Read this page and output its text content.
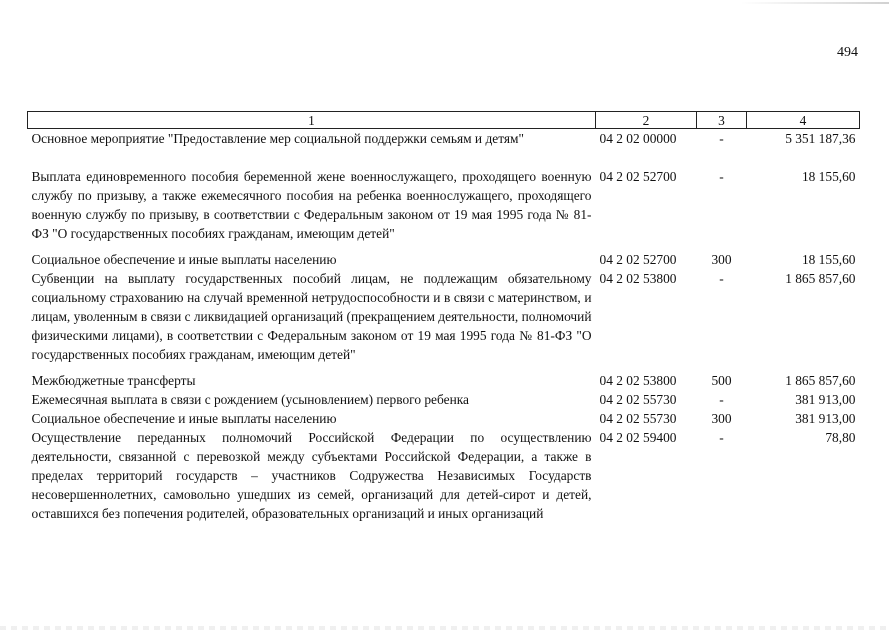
494
1	2	3	4
Основное мероприятие "Предоставление мер социальной поддержки семьям и детям"	04 2 02 00000	-	5 351 187,36
Выплата единовременного пособия беременной жене военнослужащего, проходящего военную службу по призыву, а также ежемесячного пособия на ребенка военнослужащего, проходящего военную службу по призыву, в соответствии с Федеральным законом от 19 мая 1995 года № 81-ФЗ "О государственных пособиях гражданам, имеющим детей"	04 2 02 52700	-	18 155,60
Социальное обеспечение и иные выплаты населению	04 2 02 52700	300	18 155,60
Субвенции на выплату государственных пособий лицам, не подлежащим обязательному социальному страхованию на случай временной нетрудоспособности и в связи с материнством, и лицам, уволенным в связи с ликвидацией организаций (прекращением деятельности, полномочий физическими лицами), в соответствии с Федеральным законом от 19 мая 1995 года № 81-ФЗ "О государственных пособиях гражданам, имеющим детей"	04 2 02 53800	-	1 865 857,60
Межбюджетные трансферты	04 2 02 53800	500	1 865 857,60
Ежемесячная выплата в связи с рождением (усыновлением) первого ребенка	04 2 02 55730	-	381 913,00
Социальное обеспечение и иные выплаты населению	04 2 02 55730	300	381 913,00
Осуществление переданных полномочий Российской Федерации по осуществлению деятельности, связанной с перевозкой между субъектами Российской Федерации, а также в пределах территорий государств – участников Содружества Независимых Государств несовершеннолетних, самовольно ушедших из семей, организаций для детей-сирот и детей, оставшихся без попечения родителей, образовательных организаций и иных организаций	04 2 02 59400	-	78,80
